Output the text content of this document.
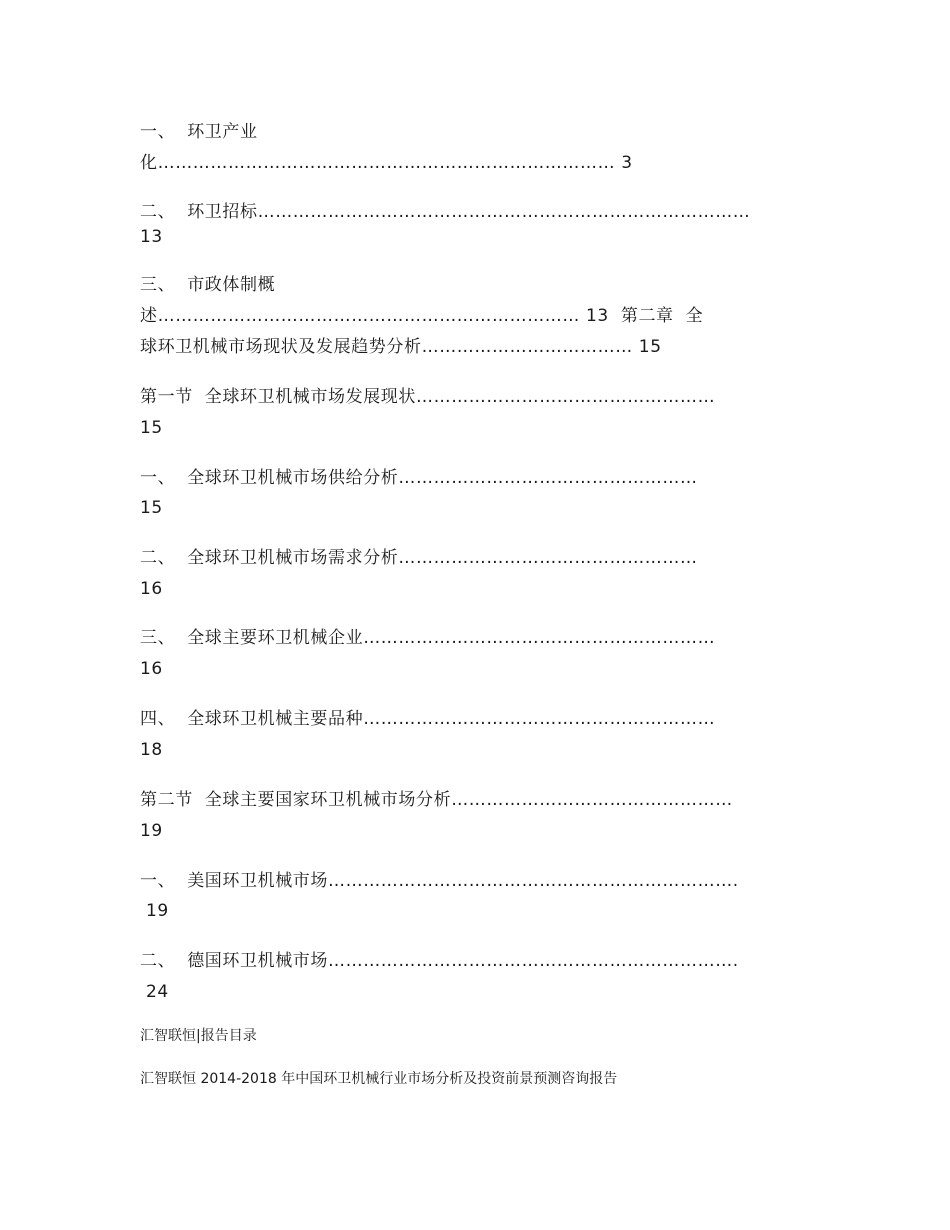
一、  环卫产业
化…………………………………………………………………… 3
二、  环卫招标…………………………………………………………………………
13
三、  市政体制概
述……………………………………………………………… 13  第二章  全
球环卫机械市场现状及发展趋势分析……………………………… 15
第一节  全球环卫机械市场发展现状……………………………………………
15
一、  全球环卫机械市场供给分析……………………………………………
15
二、  全球环卫机械市场需求分析……………………………………………
16
三、  全球主要环卫机械企业……………………………………………………
16
四、  全球环卫机械主要品种……………………………………………………
18
第二节  全球主要国家环卫机械市场分析…………………………………………
19
一、  美国环卫机械市场…………………………………………………………….
19
二、  德国环卫机械市场…………………………………………………………….
24
汇智联恒|报告目录
汇智联恒 2014-2018 年中国环卫机械行业市场分析及投资前景预测咨询报告
